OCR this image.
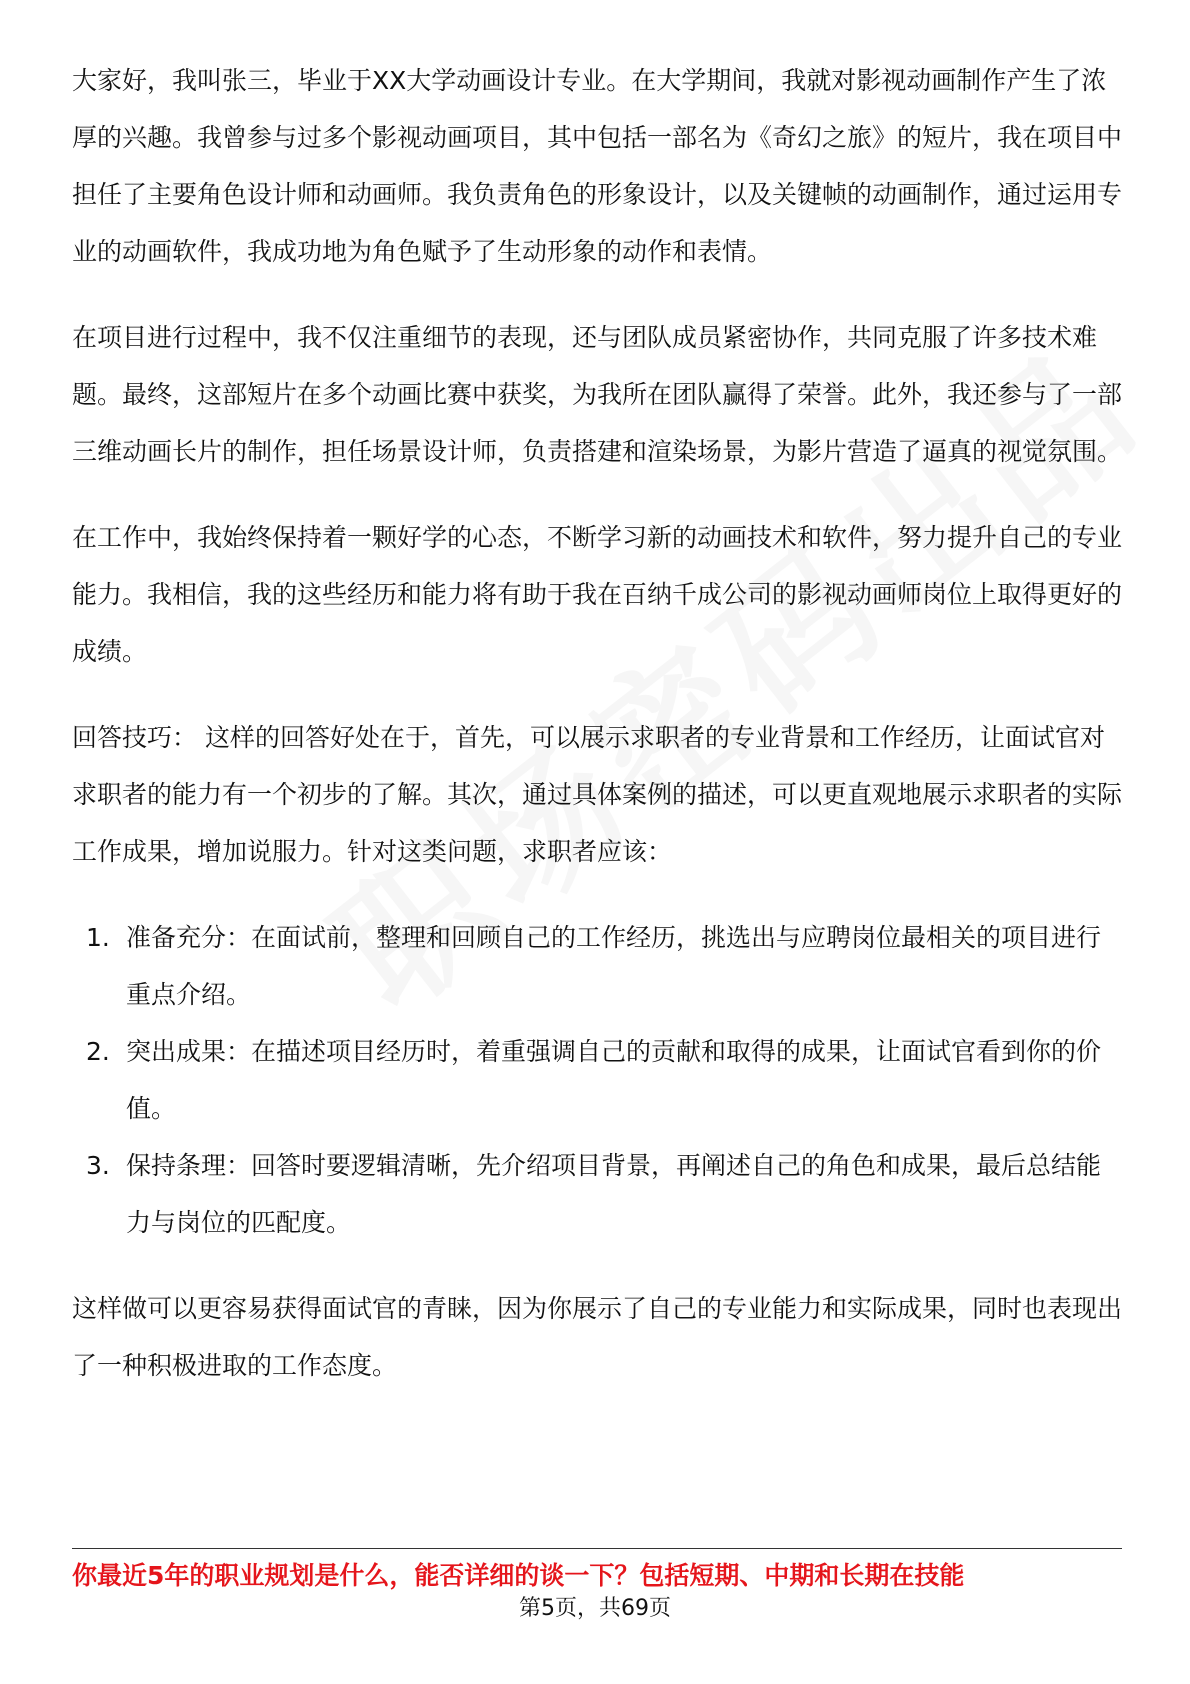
大家好，我叫张三，毕业于XX大学动画设计专业。在大学期间，我就对影视动画制作产生了浓厚的兴趣。我曾参与过多个影视动画项目，其中包括一部名为《奇幻之旅》的短片，我在项目中担任了主要角色设计师和动画师。我负责角色的形象设计，以及关键帧的动画制作，通过运用专业的动画软件，我成功地为角色赋予了生动形象的动作和表情。

在项目进行过程中，我不仅注重细节的表现，还与团队成员紧密协作，共同克服了许多技术难题。最终，这部短片在多个动画比赛中获奖，为我所在团队赢得了荣誉。此外，我还参与了一部三维动画长片的制作，担任场景设计师，负责搭建和渲染场景，为影片营造了逼真的视觉氛围。

在工作中，我始终保持着一颗好学的心态，不断学习新的动画技术和软件，努力提升自己的专业能力。我相信，我的这些经历和能力将有助于我在百纳千成公司的影视动画师岗位上取得更好的成绩。

回答技巧： 这样的回答好处在于，首先，可以展示求职者的专业背景和工作经历，让面试官对求职者的能力有一个初步的了解。其次，通过具体案例的描述，可以更直观地展示求职者的实际工作成果，增加说服力。针对这类问题，求职者应该：

1. 准备充分：在面试前，整理和回顾自己的工作经历，挑选出与应聘岗位最相关的项目进行重点介绍。
2. 突出成果：在描述项目经历时，着重强调自己的贡献和取得的成果，让面试官看到你的价值。
3. 保持条理：回答时要逻辑清晰，先介绍项目背景，再阐述自己的角色和成果，最后总结能力与岗位的匹配度。

这样做可以更容易获得面试官的青睐，因为你展示了自己的专业能力和实际成果，同时也表现出了一种积极进取的工作态度。

你最近5年的职业规划是什么，能否详细的谈一下？包括短期、中期和长期在技能
第5页，共69页
